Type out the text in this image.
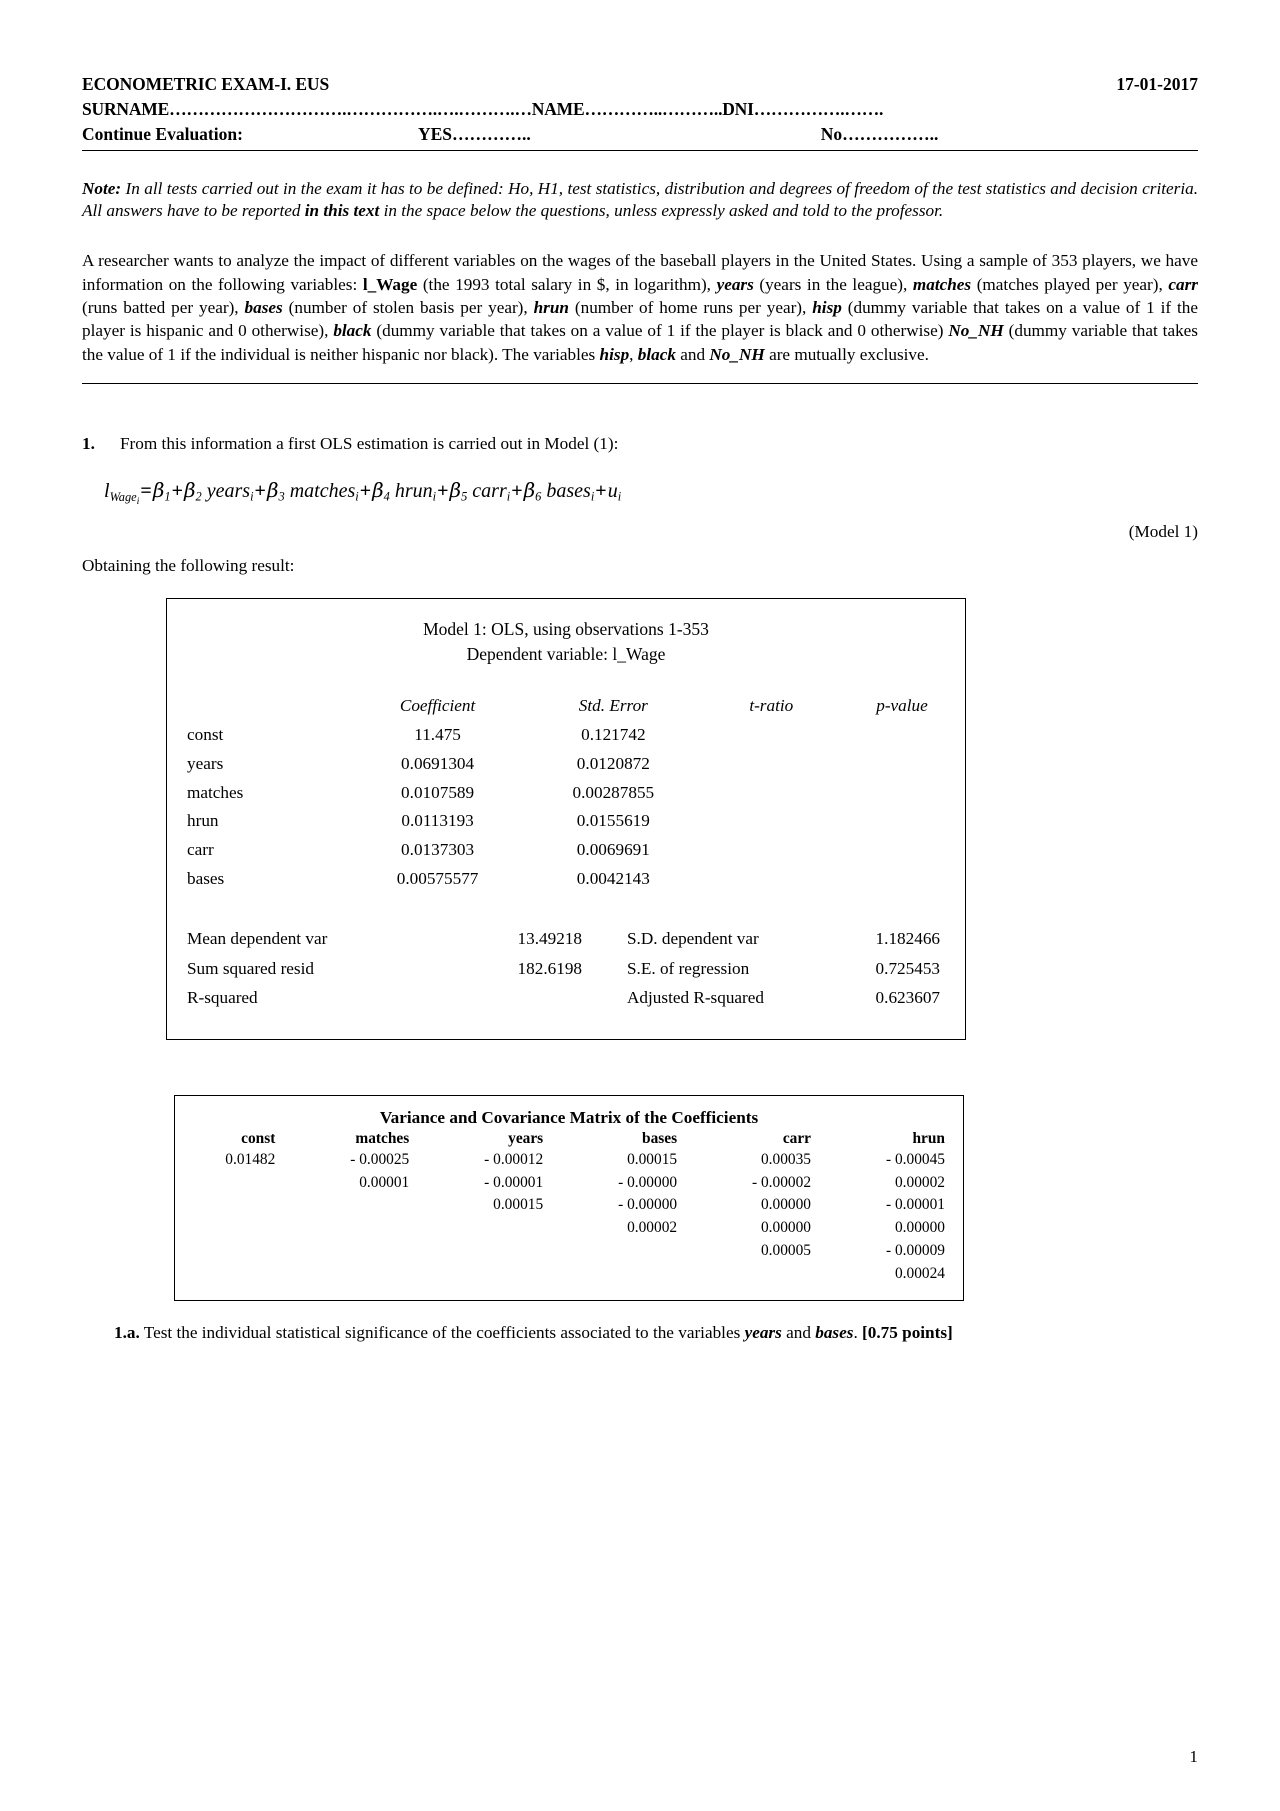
ECONOMETRIC EXAM-I. EUS	17-01-2017
SURNAME………………………….…………….….……….…NAME…………..………..DNI…………….…….
Continue Evaluation:	YES…………..	No……………..

Note: In all tests carried out in the exam it has to be defined: Ho, H1, test statistics, distribution and degrees of freedom of the test statistics and decision criteria. All answers have to be reported in this text in the space below the questions, unless expressly asked and told to the professor.

A researcher wants to analyze the impact of different variables on the wages of the baseball players in the United States. Using a sample of 353 players, we have information on the following variables: l_Wage (the 1993 total salary in $, in logarithm), years (years in the league), matches (matches played per year), carr (runs batted per year), bases (number of stolen basis per year), hrun (number of home runs per year), hisp (dummy variable that takes on a value of 1 if the player is hispanic and 0 otherwise), black (dummy variable that takes on a value of 1 if the player is black and 0 otherwise) No_NH (dummy variable that takes the value of 1 if the individual is neither hispanic nor black). The variables hisp, black and No_NH are mutually exclusive.

1.	From this information a first OLS estimation is carried out in Model (1):
$l_{Wage_i}=\beta_1+\beta_2$ $years_i+\beta_3$ $matches_i+\beta_4$ $hrun_i+\beta_5$ $carr_i+\beta_6$ $bases_i+u_i$
(Model 1)
Obtaining the following result:
Model 1: OLS, using observations 1-353
Dependent variable: l_Wage
	Coefficient	Std. Error	t-ratio	p-value
const	11.475	0.121742		
years	0.0691304	0.0120872		
matches	0.0107589	0.00287855		
hrun	0.0113193	0.0155619		
carr	0.0137303	0.0069691		
bases	0.00575577	0.0042143		
Mean dependent var	13.49218	S.D. dependent var	1.182466
Sum squared resid	182.6198	S.E. of regression	0.725453
R-squared		Adjusted R-squared	0.623607
Variance and Covariance Matrix of the Coefficients
const	matches	years	bases	carr	hrun
0.01482	- 0.00025	- 0.00012	0.00015	0.00035	- 0.00045
	0.00001	- 0.00001	- 0.00000	- 0.00002	0.00002
		0.00015	- 0.00000	0.00000	- 0.00001
			0.00002	0.00000	0.00000
				0.00005	- 0.00009
					0.00024

1.a. Test the individual statistical significance of the coefficients associated to the variables years and bases. [0.75 points]

1
